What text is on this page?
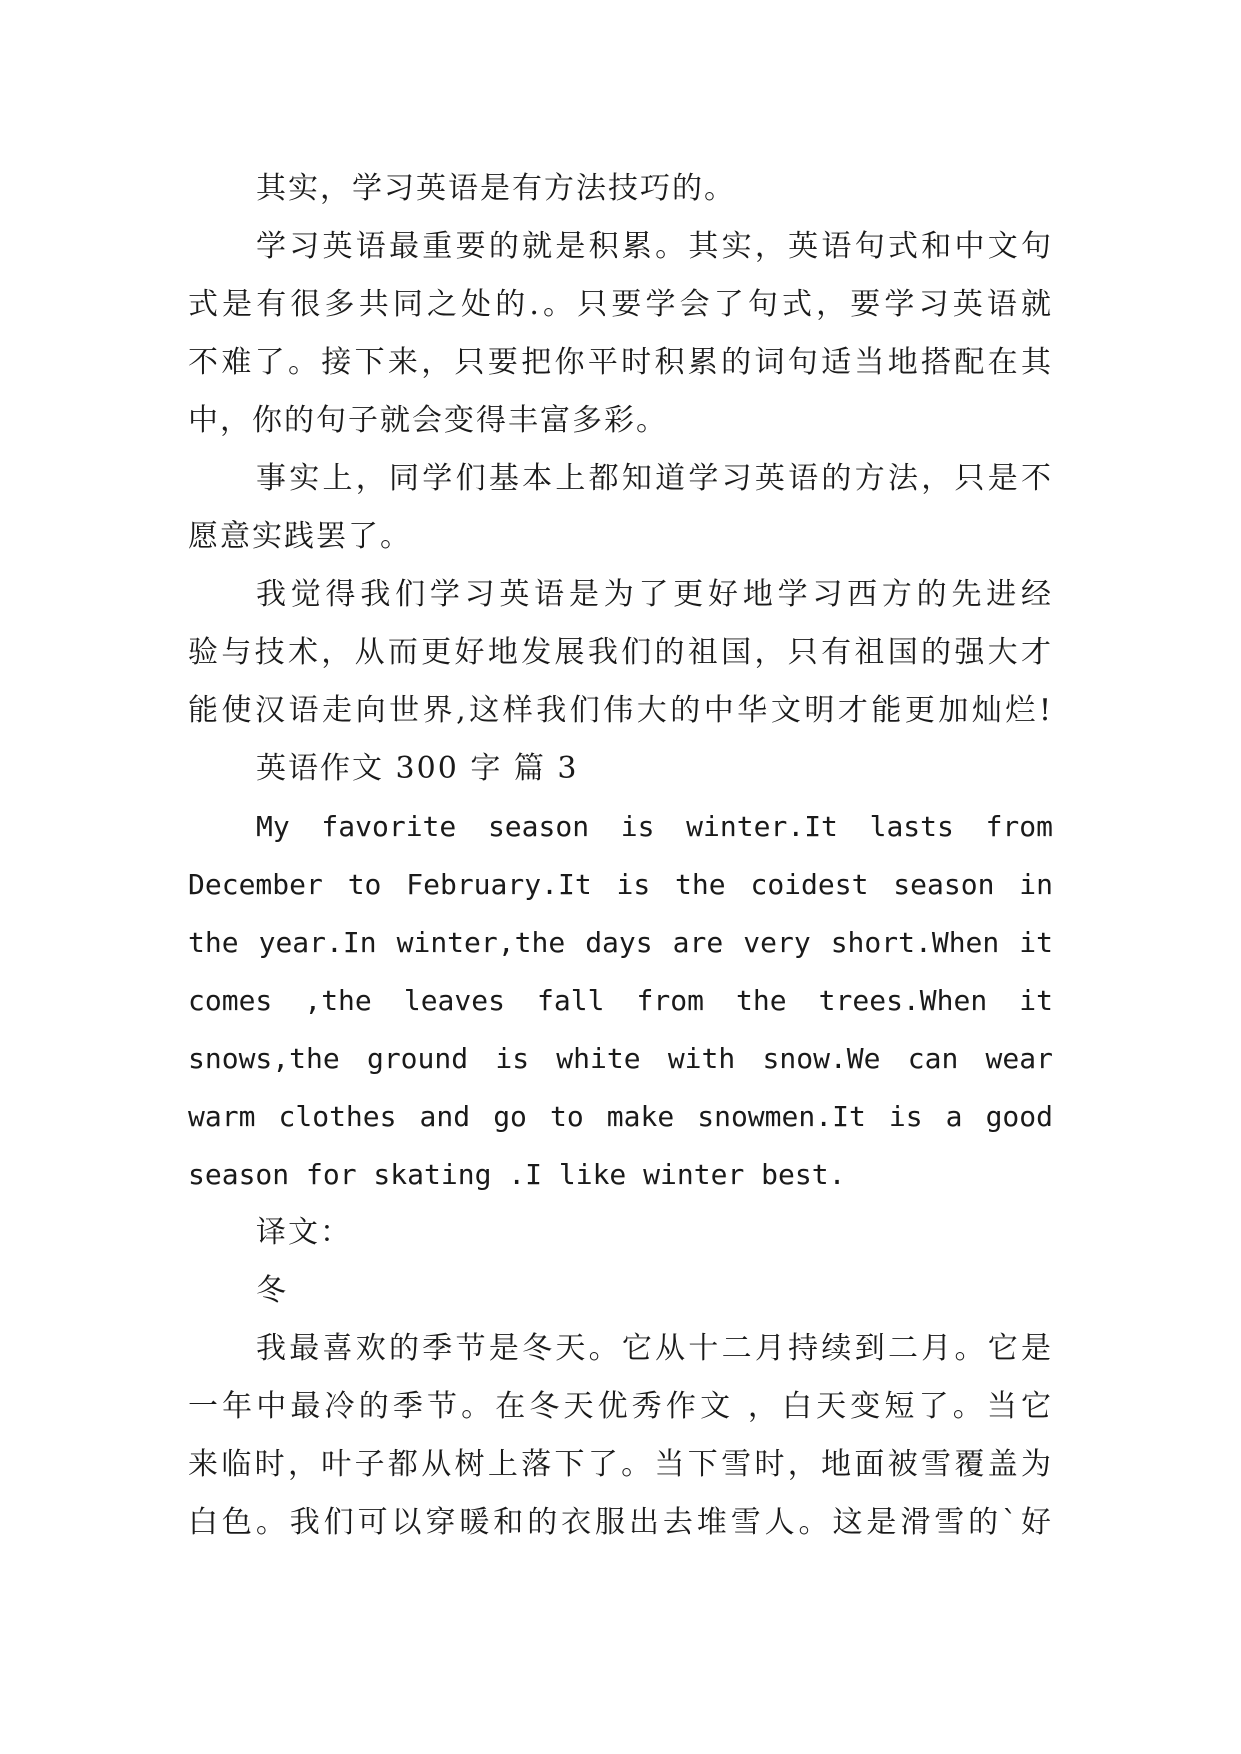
其实，学习英语是有方法技巧的。
学习英语最重要的就是积累。其实，英语句式和中文句
式是有很多共同之处的.。只要学会了句式，要学习英语就
不难了。接下来，只要把你平时积累的词句适当地搭配在其
中，你的句子就会变得丰富多彩。
事实上，同学们基本上都知道学习英语的方法，只是不
愿意实践罢了。
我觉得我们学习英语是为了更好地学习西方的先进经
验与技术，从而更好地发展我们的祖国，只有祖国的强大才
能使汉语走向世界,这样我们伟大的中华文明才能更加灿烂!
英语作文 300 字 篇 3
My favorite season is winter.It lasts from
December to February.It is the coidest season in
the year.In winter,the days are very short.When it
comes ,the leaves fall from the trees.When it
snows,the ground is white with snow.We can wear
warm clothes and go to make snowmen.It is a good
season for skating .I like winter best.
译文：
冬
我最喜欢的季节是冬天。它从十二月持续到二月。它是
一年中最冷的季节。在冬天优秀作文 ，白天变短了。当它
来临时，叶子都从树上落下了。当下雪时，地面被雪覆盖为
白色。我们可以穿暖和的衣服出去堆雪人。这是滑雪的`好
